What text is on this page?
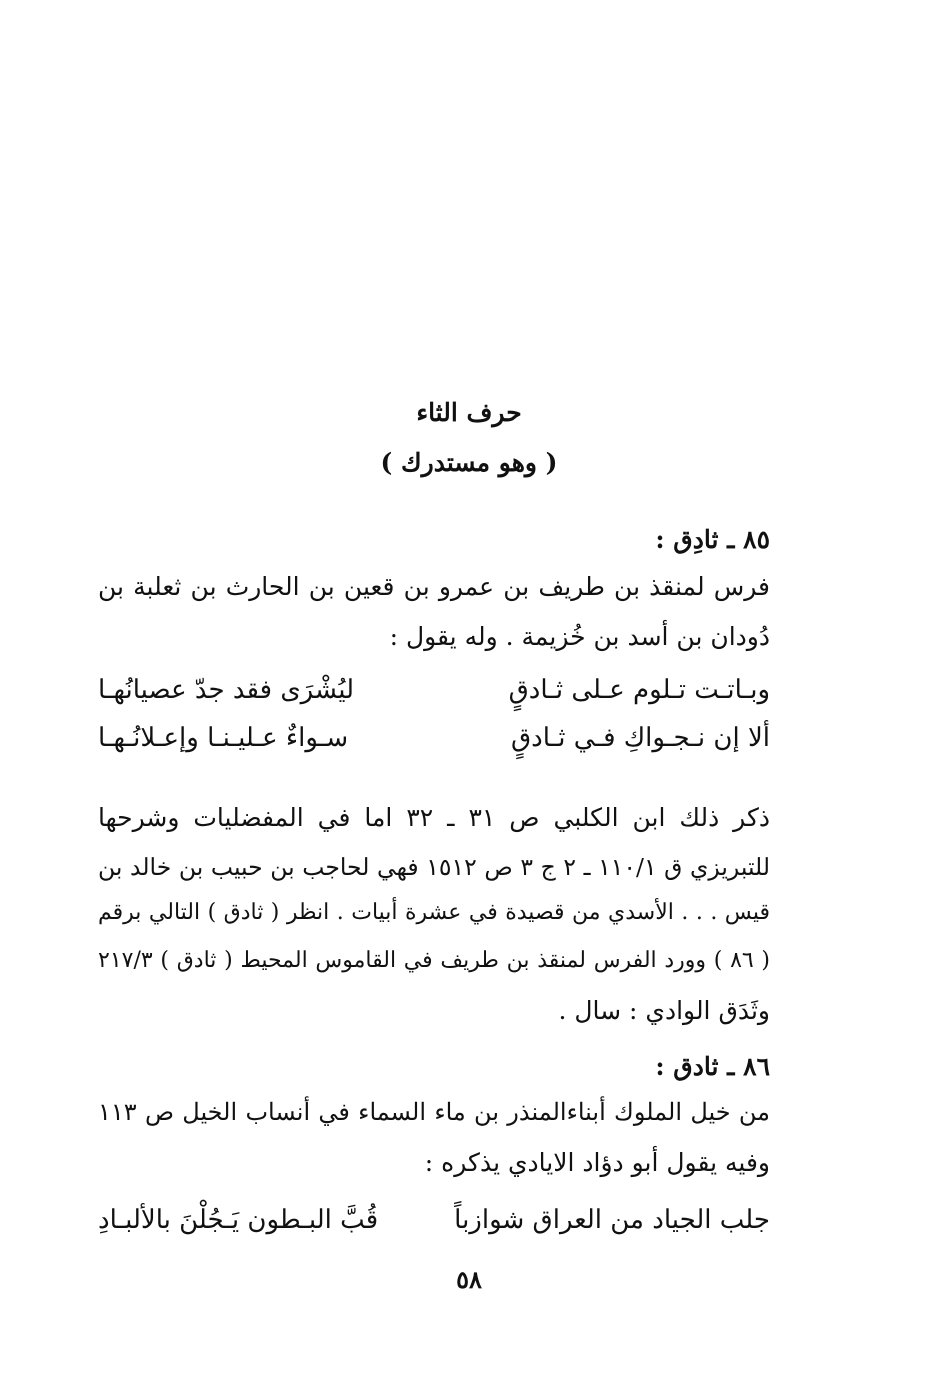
حرف الثاء
( وهو مستدرك )
٨٥ ـ ثادِق :
فرس لمنقذ بن طريف بن عمرو بن قعين بن الحارث بن ثعلبة بن
دُودان بن أسد بن خُزيمة . وله يقول :
وبـاتـت تـلوم عـلى ثـادقٍ
ليُشْرَى فقد جدّ عصيانُهـا
ألا إن نـجـواكِ فـي ثـادقٍ
سـواءٌ عـليـنـا وإعـلانُـهـا
ذكر ذلك ابن الكلبي ص ٣١ ـ ٣٢ اما في المفضليات وشرحها
للتبريزي ق ١١٠/١ ـ ٢ ج ٣ ص ١٥١٢ فهي لحاجب بن حبيب بن خالد بن
قيس . . . الأسدي من قصيدة في عشرة أبيات . انظر ( ثادق ) التالي برقم
( ٨٦ ) وورد الفرس لمنقذ بن طريف في القاموس المحيط ( ثادق ) ٢١٧/٣
وثَدَق الوادي : سال .
٨٦ ـ ثادق :
من خيل الملوك أبناءالمنذر بن ماء السماء في أنساب الخيل ص ١١٣
وفيه يقول أبو دؤاد الايادي يذكره :
جلب الجياد من العراق شوازباً
قُبَّ البـطون يَـجُلْنَ بالألبـادِ
٥٨
